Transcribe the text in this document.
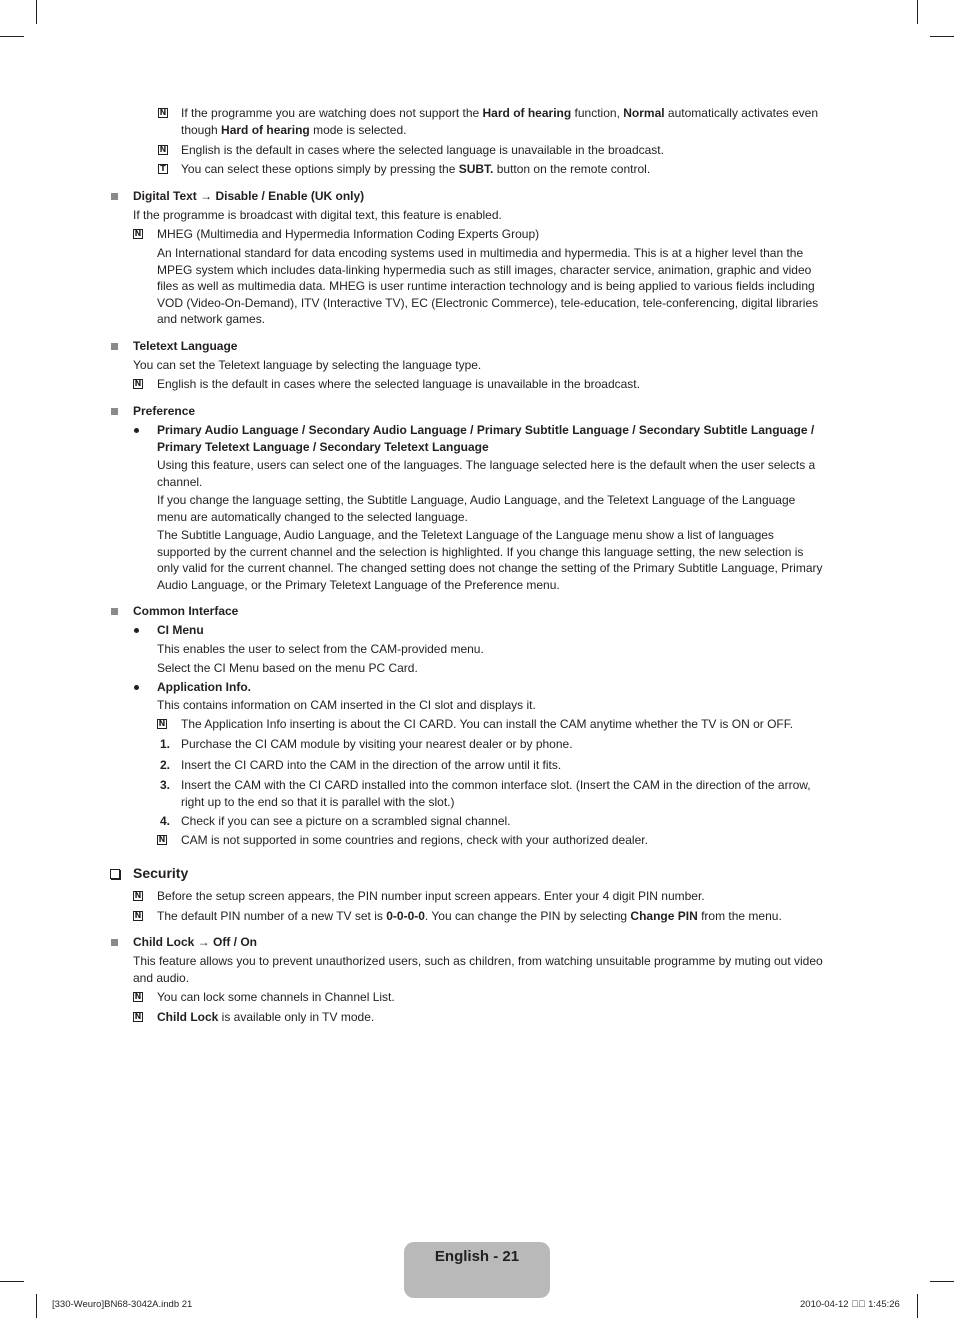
N If the programme you are watching does not support the Hard of hearing function, Normal automatically activates even
though Hard of hearing mode is selected.
N English is the default in cases where the selected language is unavailable in the broadcast.
T You can select these options simply by pressing the SUBT. button on the remote control.
Digital Text → Disable / Enable (UK only)
If the programme is broadcast with digital text, this feature is enabled.
N MHEG (Multimedia and Hypermedia Information Coding Experts Group)
An International standard for data encoding systems used in multimedia and hypermedia. This is at a higher level than the
MPEG system which includes data-linking hypermedia such as still images, character service, animation, graphic and video
files as well as multimedia data. MHEG is user runtime interaction technology and is being applied to various fields including
VOD (Video-On-Demand), ITV (Interactive TV), EC (Electronic Commerce), tele-education, tele-conferencing, digital libraries
and network games.
Teletext Language
You can set the Teletext language by selecting the language type.
N English is the default in cases where the selected language is unavailable in the broadcast.
Preference
Primary Audio Language / Secondary Audio Language / Primary Subtitle Language / Secondary Subtitle Language /
Primary Teletext Language / Secondary Teletext Language
Using this feature, users can select one of the languages. The language selected here is the default when the user selects a
channel.
If you change the language setting, the Subtitle Language, Audio Language, and the Teletext Language of the Language
menu are automatically changed to the selected language.
The Subtitle Language, Audio Language, and the Teletext Language of the Language menu show a list of languages
supported by the current channel and the selection is highlighted. If you change this language setting, the new selection is
only valid for the current channel. The changed setting does not change the setting of the Primary Subtitle Language, Primary
Audio Language, or the Primary Teletext Language of the Preference menu.
Common Interface
CI Menu
This enables the user to select from the CAM-provided menu.
Select the CI Menu based on the menu PC Card.
Application Info.
This contains information on CAM inserted in the CI slot and displays it.
N The Application Info inserting is about the CI CARD. You can install the CAM anytime whether the TV is ON or OFF.
1. Purchase the CI CAM module by visiting your nearest dealer or by phone.
2. Insert the CI CARD into the CAM in the direction of the arrow until it fits.
3. Insert the CAM with the CI CARD installed into the common interface slot. (Insert the CAM in the direction of the arrow,
right up to the end so that it is parallel with the slot.)
4. Check if you can see a picture on a scrambled signal channel.
N CAM is not supported in some countries and regions, check with your authorized dealer.
Security
N Before the setup screen appears, the PIN number input screen appears. Enter your 4 digit PIN number.
N The default PIN number of a new TV set is 0-0-0-0. You can change the PIN by selecting Change PIN from the menu.
Child Lock → Off / On
This feature allows you to prevent unauthorized users, such as children, from watching unsuitable programme by muting out video
and audio.
N You can lock some channels in Channel List.
N Child Lock is available only in TV mode.
English - 21
[330-Weuro]BN68-3042A.indb 21	2010-04-12 ﾟﾟ 1:45:26
